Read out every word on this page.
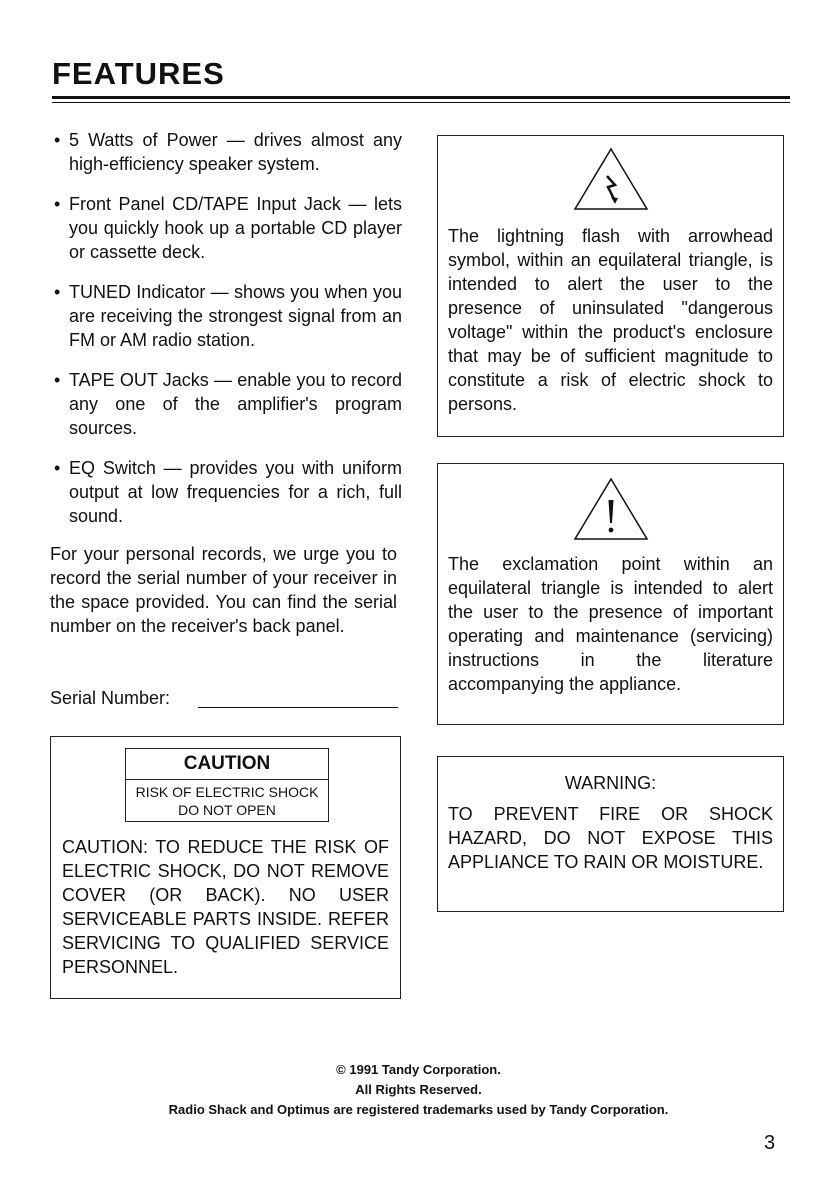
FEATURES
• 5 Watts of Power — drives almost any high-efficiency speaker system.
• Front Panel CD/TAPE Input Jack — lets you quickly hook up a portable CD player or cassette deck.
• TUNED Indicator — shows you when you are receiving the strongest signal from an FM or AM radio station.
• TAPE OUT Jacks — enable you to record any one of the amplifier's program sources.
• EQ Switch — provides you with uniform output at low frequencies for a rich, full sound.

For your personal records, we urge you to record the serial number of your receiver in the space provided. You can find the serial number on the receiver's back panel.

Serial Number:

The lightning flash with arrowhead symbol, within an equilateral triangle, is intended to alert the user to the presence of uninsulated "dangerous voltage" within the product's enclosure that may be of sufficient magnitude to constitute a risk of electric shock to persons.

The exclamation point within an equilateral triangle is intended to alert the user to the presence of important operating and maintenance (servicing) instructions in the literature accompanying the appliance.

CAUTION
RISK OF ELECTRIC SHOCK
DO NOT OPEN

CAUTION: TO REDUCE THE RISK OF ELECTRIC SHOCK, DO NOT REMOVE COVER (OR BACK). NO USER SERVICEABLE PARTS INSIDE. REFER SERVICING TO QUALIFIED SERVICE PERSONNEL.

WARNING:

TO PREVENT FIRE OR SHOCK HAZARD, DO NOT EXPOSE THIS APPLIANCE TO RAIN OR MOISTURE.

© 1991 Tandy Corporation.
All Rights Reserved.
Radio Shack and Optimus are registered trademarks used by Tandy Corporation.
3
